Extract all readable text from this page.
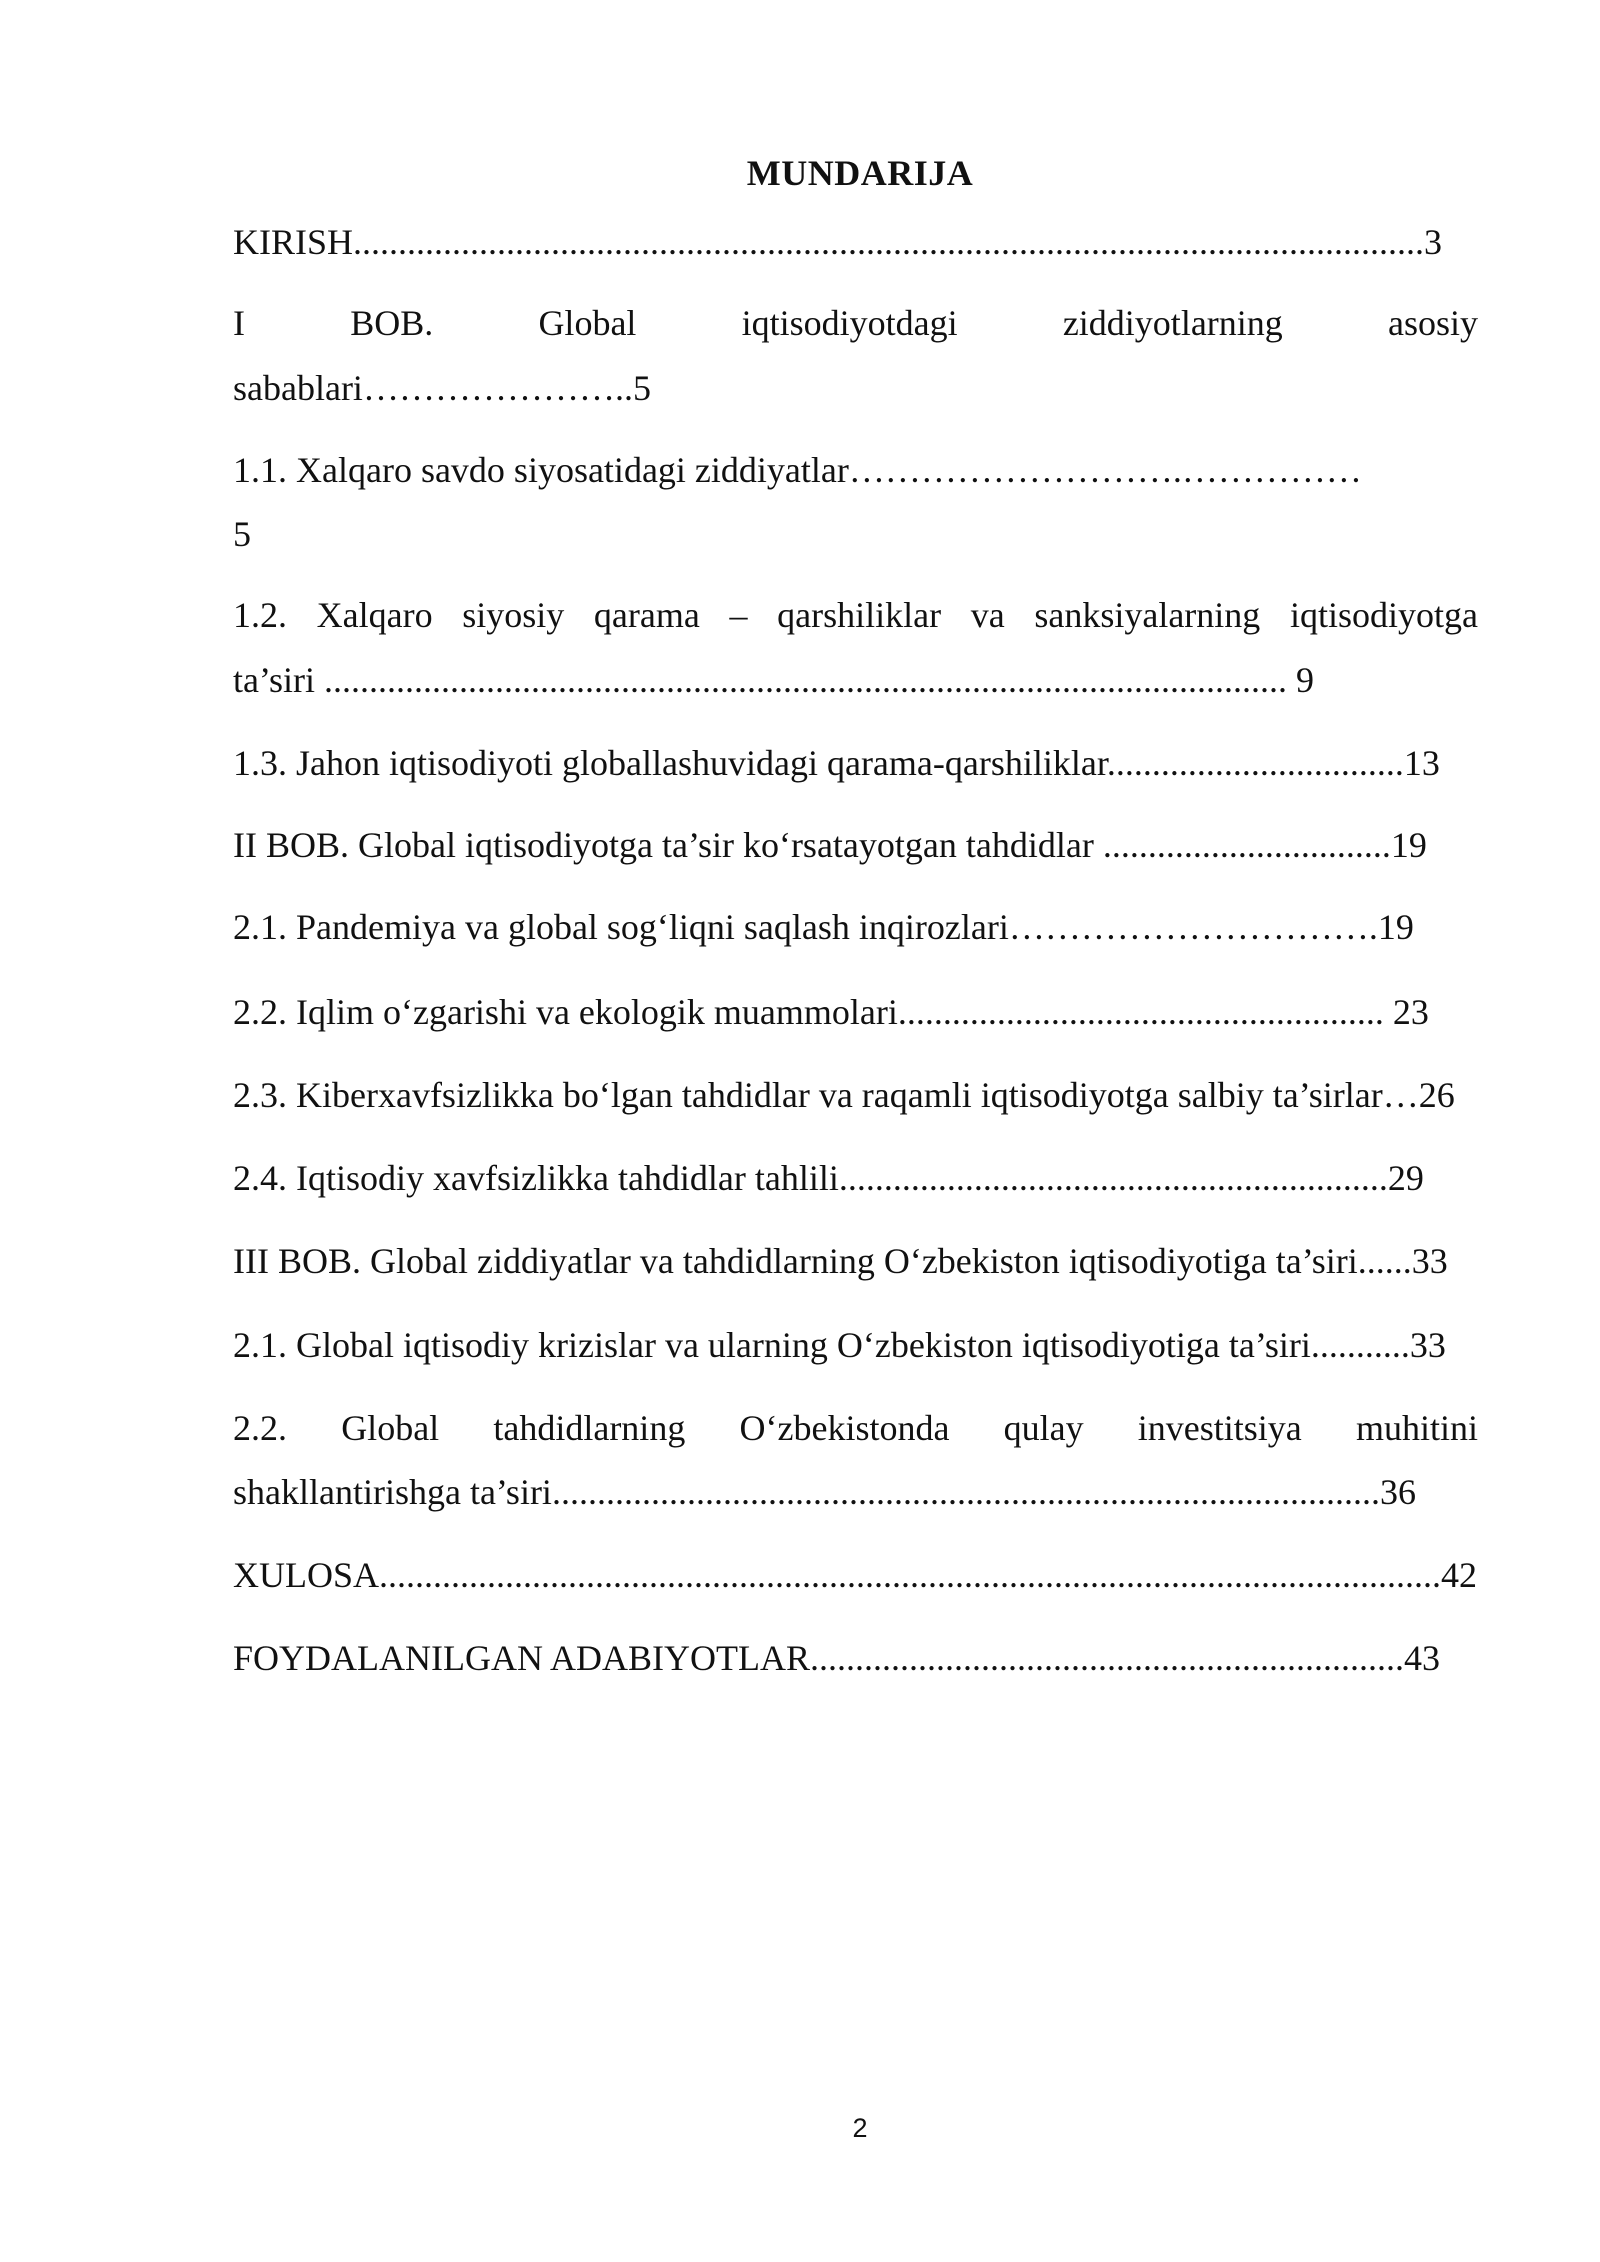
MUNDARIJA
KIRISH.......................................................................................................................3
I	BOB.	Global	iqtisodiyotdagi	ziddiyotlarning	asosiy
sabablari…………………..5
1.1. Xalqaro savdo siyosatidagi ziddiyatlar……………………….……………
5
1.2. Xalqaro siyosiy qarama – qarshiliklar va sanksiyalarning iqtisodiyotga
ta’siri ........................................................................................................... 9
1.3. Jahon iqtisodiyoti globallashuvidagi qarama-qarshiliklar.................................13
II BOB. Global iqtisodiyotga ta’sir ko‘rsatayotgan tahdidlar ................................19
2.1. Pandemiya va global sog‘liqni saqlash inqirozlari………………………….19
2.2. Iqlim o‘zgarishi va ekologik muammolari...................................................... 23
2.3. Kiberxavfsizlikka bo‘lgan tahdidlar va raqamli iqtisodiyotga salbiy ta’sirlar…26
2.4. Iqtisodiy xavfsizlikka tahdidlar tahlili.............................................................29
III BOB. Global ziddiyatlar va tahdidlarning O‘zbekiston iqtisodiyotiga ta’siri......33
2.1. Global iqtisodiy krizislar va ularning O‘zbekiston iqtisodiyotiga ta’siri...........33
2.2. Global tahdidlarning O‘zbekistonda qulay investitsiya muhitini
shakllantirishga ta’siri............................................................................................36
XULOSA......................................................................................................................42
FOYDALANILGAN ADABIYOTLAR..................................................................43
2
